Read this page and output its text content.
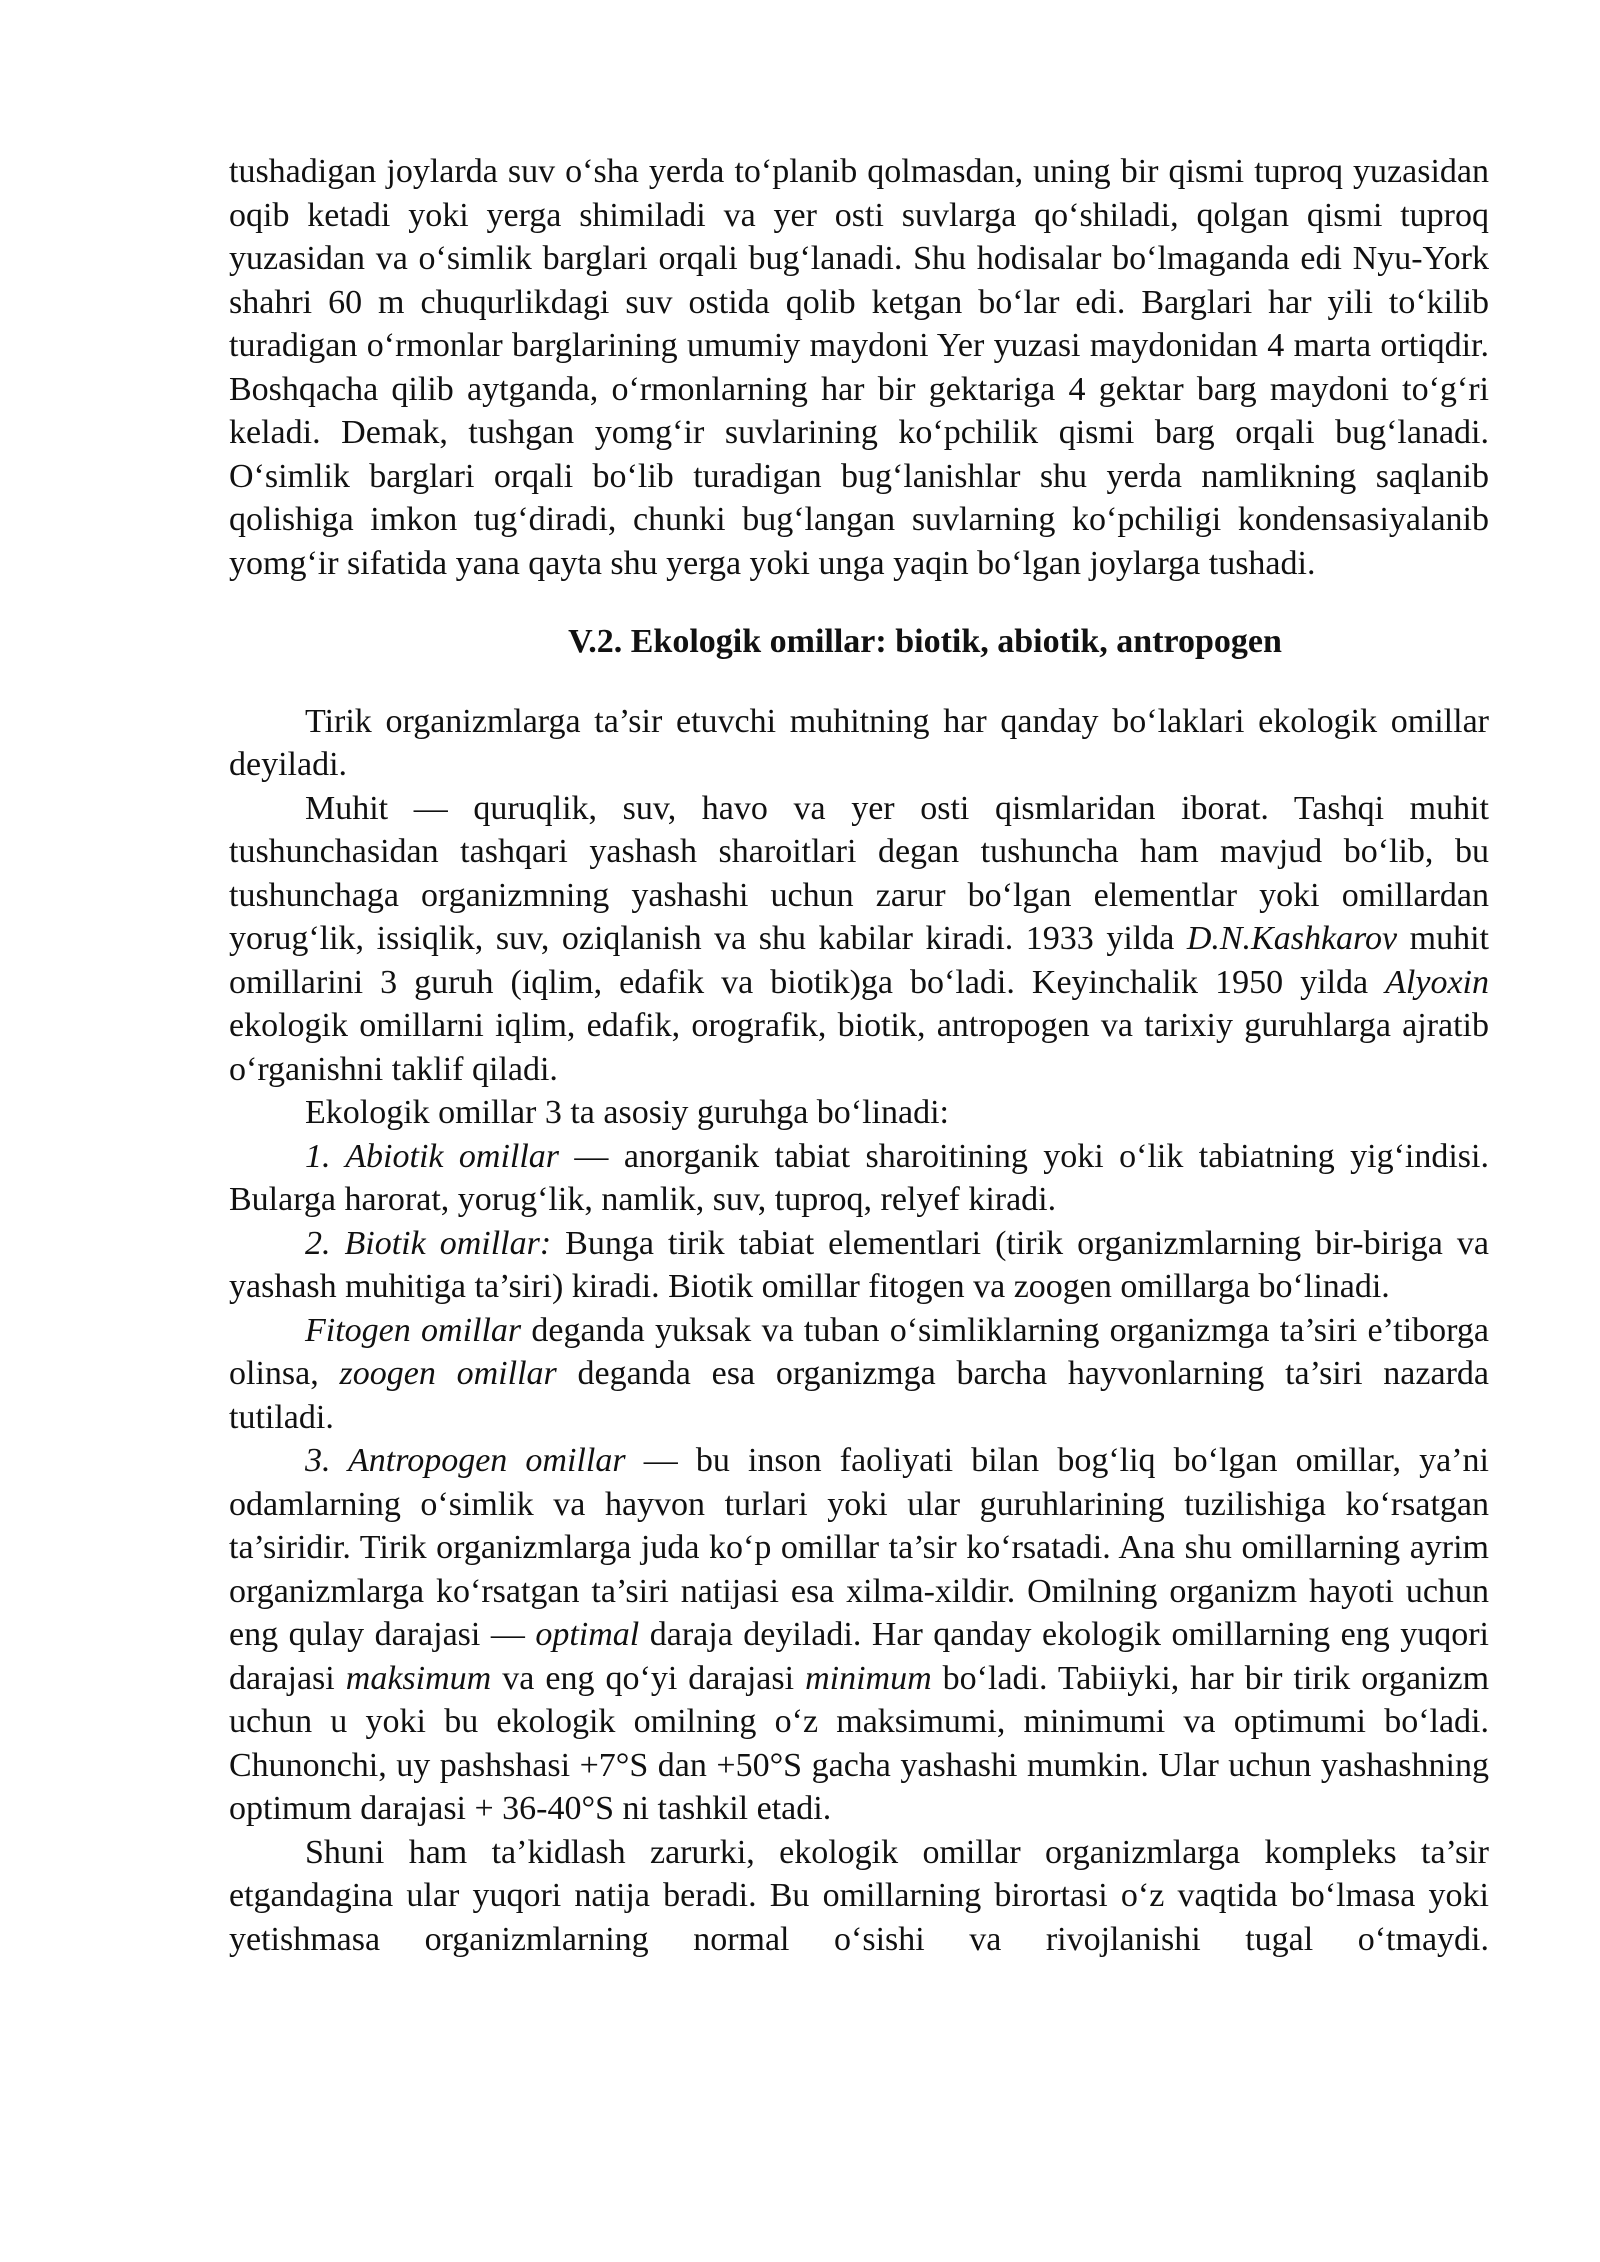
tushadigan joylarda suv o‘sha yerda to‘planib qolmasdan, uning bir qismi tuproq yuzasidan oqib ketadi yoki yerga shimiladi va yer osti suvlarga qo‘shiladi, qolgan qismi tuproq yuzasidan va o‘simlik barglari orqali bug‘lanadi. Shu hodisalar bo‘lmaganda edi Nyu-York shahri 60 m chuqurlikdagi suv ostida qolib ketgan bo‘lar edi. Barglari har yili to‘kilib turadigan o‘rmonlar barglarining umumiy maydoni Yer yuzasi maydonidan 4 marta ortiqdir. Boshqacha qilib aytganda, o‘rmonlarning har bir gektariga 4 gektar barg maydoni to‘g‘ri keladi. Demak, tushgan yomg‘ir suvlarining ko‘pchilik qismi barg orqali bug‘lanadi. O‘simlik barglari orqali bo‘lib turadigan bug‘lanishlar shu yerda namlikning saqlanib qolishiga imkon tug‘diradi, chunki bug‘langan suvlarning ko‘pchiligi kondensasiyalanib yomg‘ir sifatida yana qayta shu yerga yoki unga yaqin bo‘lgan joylarga tushadi.

V.2. Ekologik omillar: biotik, abiotik, antropogen

Tirik organizmlarga ta’sir etuvchi muhitning har qanday bo‘laklari ekologik omillar deyiladi.

Muhit — quruqlik, suv, havo va yer osti qismlaridan iborat. Tashqi muhit tushunchasidan tashqari yashash sharoitlari degan tushuncha ham mavjud bo‘lib, bu tushunchaga organizmning yashashi uchun zarur bo‘lgan elementlar yoki omillardan yorug‘lik, issiqlik, suv, oziqlanish va shu kabilar kiradi. 1933 yilda D.N.Kashkarov muhit omillarini 3 guruh (iqlim, edafik va biotik)ga bo‘ladi. Keyinchalik 1950 yilda Alyoxin ekologik omillarni iqlim, edafik, orografik, biotik, antropogen va tarixiy guruhlarga ajratib o‘rganishni taklif qiladi.

Ekologik omillar 3 ta asosiy guruhga bo‘linadi:

1. Abiotik omillar — anorganik tabiat sharoitining yoki o‘lik tabiatning yig‘indisi. Bularga harorat, yorug‘lik, namlik, suv, tuproq, relyef kiradi.

2. Biotik omillar: Bunga tirik tabiat elementlari (tirik organizmlarning bir-biriga va yashash muhitiga ta’siri) kiradi. Biotik omillar fitogen va zoogen omillarga bo‘linadi.

Fitogen omillar deganda yuksak va tuban o‘simliklarning organizmga ta’siri e’tiborga olinsa, zoogen omillar deganda esa organizmga barcha hayvonlarning ta’siri nazarda tutiladi.

3. Antropogen omillar — bu inson faoliyati bilan bog‘liq bo‘lgan omillar, ya’ni odamlarning o‘simlik va hayvon turlari yoki ular guruhlarining tuzilishiga ko‘rsatgan ta’siridir. Tirik organizmlarga juda ko‘p omillar ta’sir ko‘rsatadi. Ana shu omillarning ayrim organizmlarga ko‘rsatgan ta’siri natijasi esa xilma-xildir. Omilning organizm hayoti uchun eng qulay darajasi — optimal daraja deyiladi. Har qanday ekologik omillarning eng yuqori darajasi maksimum va eng qo‘yi darajasi minimum bo‘ladi. Tabiiyki, har bir tirik organizm uchun u yoki bu ekologik omilning o‘z maksimumi, minimumi va optimumi bo‘ladi. Chunonchi, uy pashshasi +7°S dan +50°S gacha yashashi mumkin. Ular uchun yashashning optimum darajasi + 36-40°S ni tashkil etadi.

Shuni ham ta’kidlash zarurki, ekologik omillar organizmlarga kompleks ta’sir etgandagina ular yuqori natija beradi. Bu omillarning birortasi o‘z vaqtida bo‘lmasa yoki yetishmasa organizmlarning normal o‘sishi va rivojlanishi tugal o‘tmaydi.
